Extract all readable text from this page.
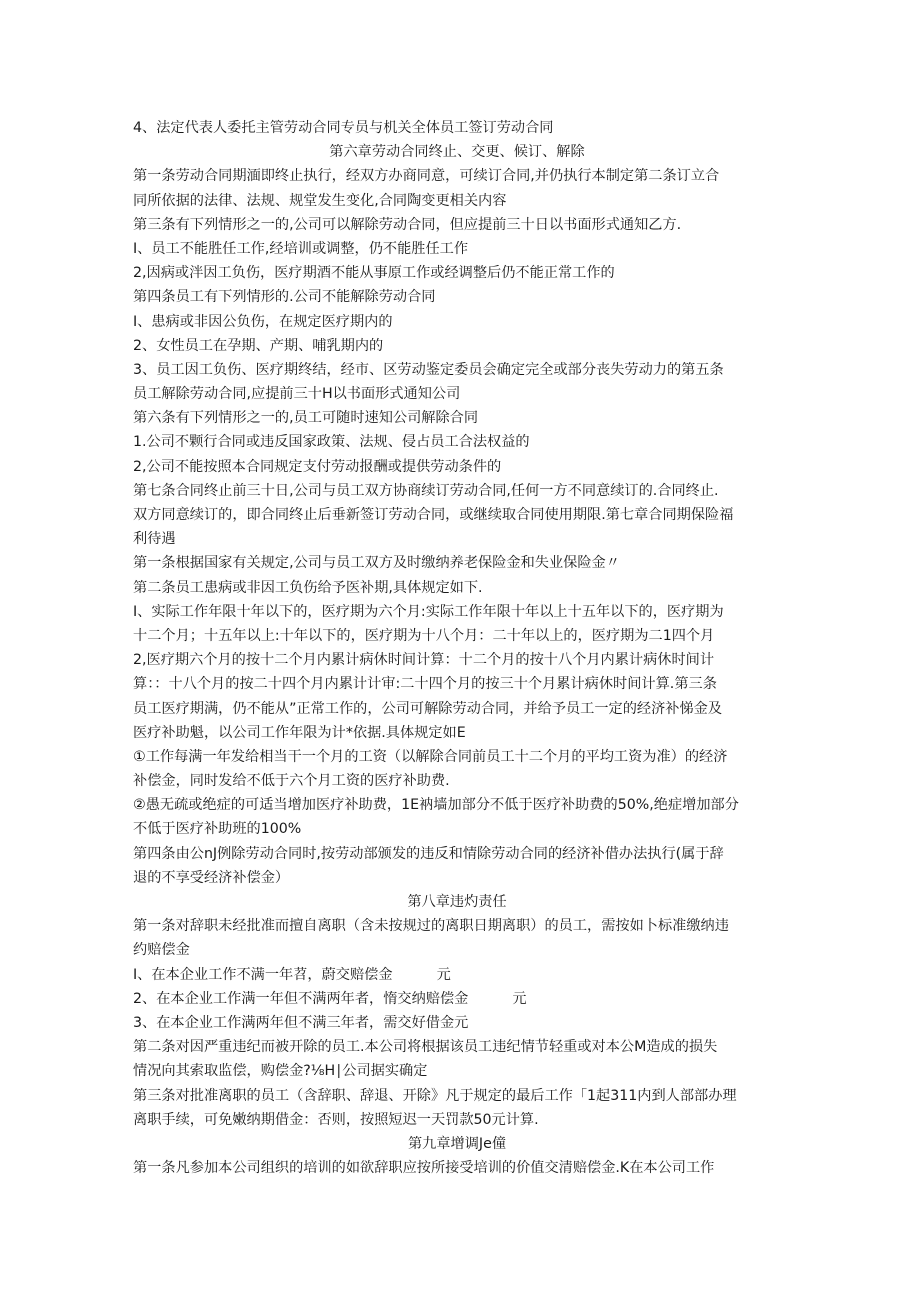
4、法定代表人委托主管劳动合同专员与机关全体员工签订劳动合同
第六章劳动合同终止、交更、候订、解除
第一条劳动合同期湎即终止执行，经双方办商同意，可续订合同,并仍执行本制定第二条订立合
同所依据的法律、法规、规堂发生变化,合同陶变更相关内容
第三条有下列情形之一的,公司可以解除劳动合同，但应提前三十日以书面形式通知乙方.
I、员工不能胜任工作,经培训或调整，仍不能胜任工作
2,因病或泮因工负伤，医疗期酒不能从事原工作或经调整后仍不能正常工作的
第四条员工有下列情形的.公司不能解除劳动合同
I、患病或非因公负伤，在规定医疗期内的
2、女性员工在孕期、产期、哺乳期内的
3、员工因工负伤、医疗期终结，经市、区劳动鉴定委员会确定完全或部分丧失劳动力的第五条
员工解除劳动合同,应提前三十H以书面形式通知公司
第六条有下列情形之一的,员工可随时速知公司解除合同
1.公司不颗行合同或违反国家政策、法规、侵占员工合法权益的
2,公司不能按照本合同规定支付劳动报酬或提供劳动条件的
第七条合同终止前三十日,公司与员工双方协商续订劳动合同,任何一方不同意续订的.合同终止.
双方同意续订的，即合同终止后垂新签订劳动合同，或继续取合同使用期限.第七章合同期保险福
利待遇
第一条根据国家有关规定,公司与员工双方及时缴纳养老保险金和失业保险金〃
第二条员工患病或非因工负伤给予医补期,具体规定如下.
I、实际工作年限十年以下的，医疗期为六个月:实际工作年限十年以上十五年以下的，医疗期为
十二个月；十五年以上:十年以下的，医疗期为十八个月：二十年以上的，医疗期为二1四个月
2,医疗期六个月的按十二个月内累计病休时间计算：十二个月的按十八个月内累计病休时间计
算：：十八个月的按二十四个月内累计计审:二十四个月的按三十个月累计病休时间计算.第三条
员工医疗期满，仍不能从”正常工作的，公司可解除劳动合同，并给予员工一定的经济补悌金及
医疗补助魁，以公司工作年限为计*依据.具体规定如E
①工作每满一年发给相当干一个月的工资（以解除合同前员工十二个月的平均工资为准）的经济
补偿金，同时发给不低于六个月工资的医疗补助费.
②愚无疏或绝症的可适当增加医疗补助费，1E衲墙加部分不低于医疗补助费的50%,绝症增加部分
不低于医疗补助班的100%
第四条由公nJ例除劳动合同时,按劳动部颁发的违反和情除劳动合同的经济补借办法执行(属于辞
退的不享受经济补偿金）
第八章违灼责任
第一条对辞职未经批准而擅自离职（含未按规过的离职日期离职）的员工，需按如卜标准缴纳违
约赔偿金
I、在本企业工作不满一年苕，蔚交赔偿金	元
2、在本企业工作满一年但不满两年者，惰交纳赔偿金	元
3、在本企业工作满两年但不满三年者，需交好借金元
第二条对因严重违纪而被开除的员工.本公司将根据该员工违纪情节轻重或对本公M造成的损失
情况向其索取监偿，购偿金?⅛H∣公司据实确定
第三条对批准离职的员工（含辞职、辞退、开除》凡于规定的最后工作「1起311内到人部部办理
离职手续，可免嫩纳期借金：否则，按照短迟一天罚款50元计算.
第九章增调Je僮
第一条凡参加本公司组织的培训的如欲辞职应按所接受培训的价值交清赔偿金.K在本公司工作
